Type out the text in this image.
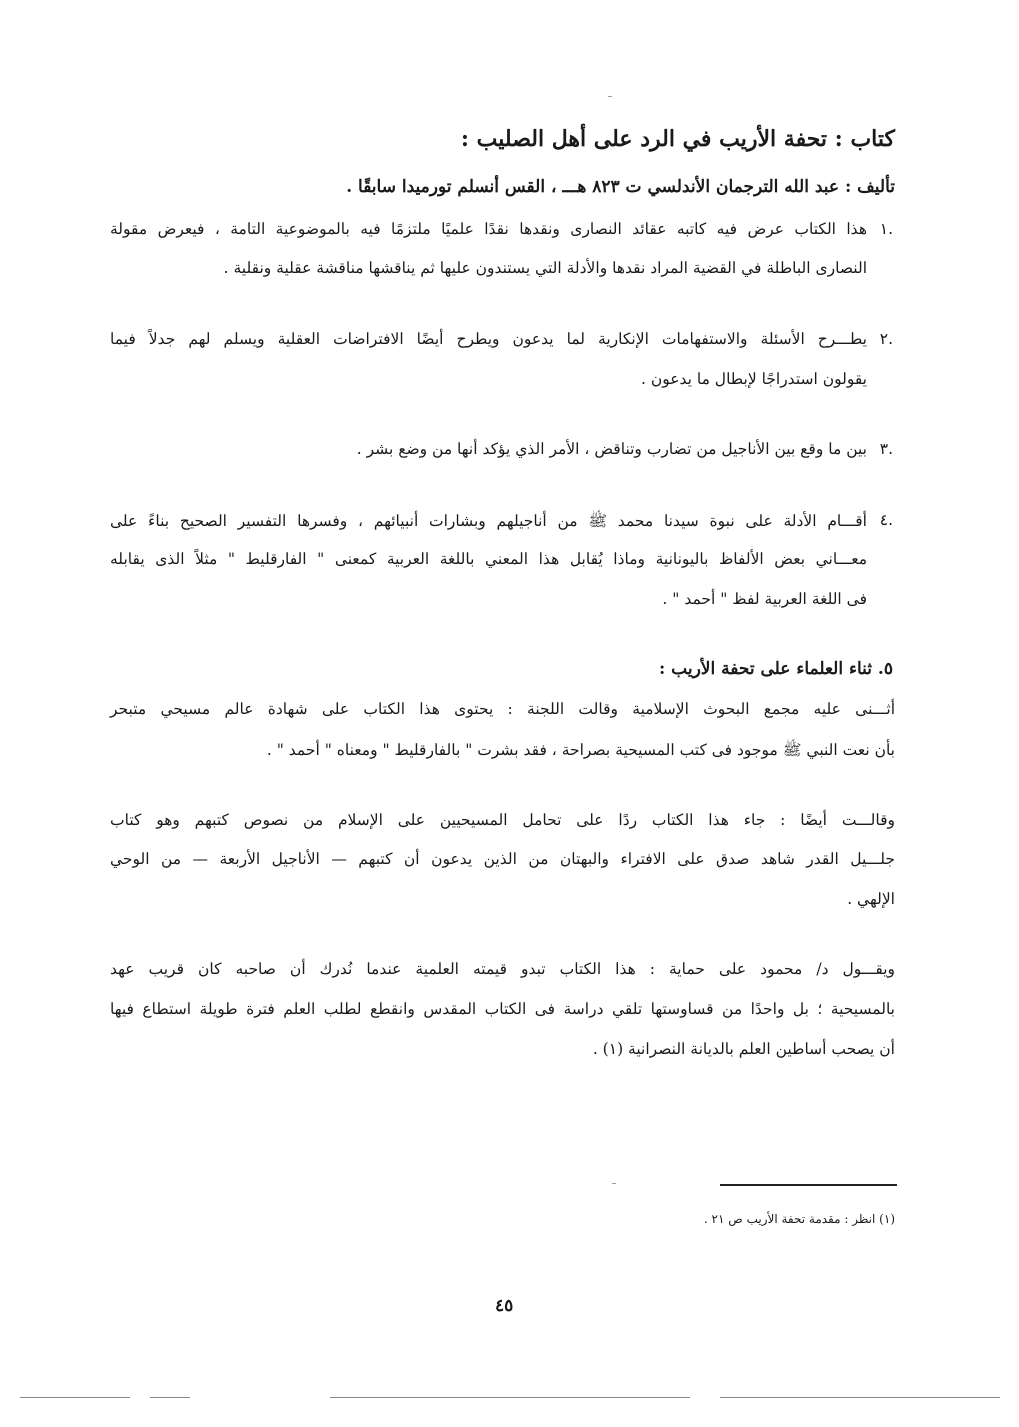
كتاب : تحفة الأريب في الرد على أهل الصليب :
تأليف : عبد الله الترجمان الأندلسي ت ٨٢٣ هـــ ، القس أنسلم تورميدا سابقًا .
١.
هذا الكتاب عرض فيه كاتبه عقائد النصارى ونقدها نقدًا علميًا ملتزمًا فيه بالموضوعية التامة ، فيعرض مقولة
النصارى الباطلة في القضية المراد نقدها والأدلة التي يستندون عليها ثم يناقشها مناقشة عقلية ونقلية .
٢.
يطـــرح الأسئلة والاستفهامات الإنكارية لما يدعون ويطرح أيضًا الافتراضات العقلية ويسلم لهم جدلاً فيما
يقولون استدراجًا لإبطال ما يدعون .
٣.
بين ما وقع بين الأناجيل من تضارب وتناقض ، الأمر الذي يؤكد أنها من وضع بشر .
٤.
أقـــام الأدلة على نبوة سيدنا محمد ﷺ من أناجيلهم وبشارات أنبيائهم ، وفسرها التفسير الصحيح بناءً على
معـــاني بعض الألفاظ باليونانية وماذا يُقابل هذا المعني باللغة العربية كمعنى " الفارقليط " مثلاً الذى يقابله
فى اللغة العربية لفظ " أحمد " .
٥. ثناء العلماء على تحفة الأريب :
أثـــنى عليه مجمع البحوث الإسلامية وقالت اللجنة : يحتوى هذا الكتاب على شهادة عالم مسيحي متبحر
بأن نعت النبي ﷺ موجود فى كتب المسيحية بصراحة ، فقد بشرت " بالفارقليط " ومعناه " أحمد " .
وقالـــت أيضًا : جاء هذا الكتاب ردًا على تحامل المسيحيين على الإسلام من نصوص كتبهم وهو كتاب
جلـــيل القدر شاهد صدق على الافتراء والبهتان من الذين يدعون أن كتبهم — الأناجيل الأربعة — من الوحي
الإلهي .
ويقـــول د/ محمود على حماية : هذا الكتاب تبدو قيمته العلمية عندما نُدرك أن صاحبه كان قريب عهد
بالمسيحية ؛ بل واحدًا من قساوستها تلقي دراسة فى الكتاب المقدس وانقطع لطلب العلم فترة طويلة استطاع فيها
أن يصحب أساطين العلم بالديانة النصرانية (١) .
(١) انظر : مقدمة تحفة الأريب ص ٢١ .
٤٥
